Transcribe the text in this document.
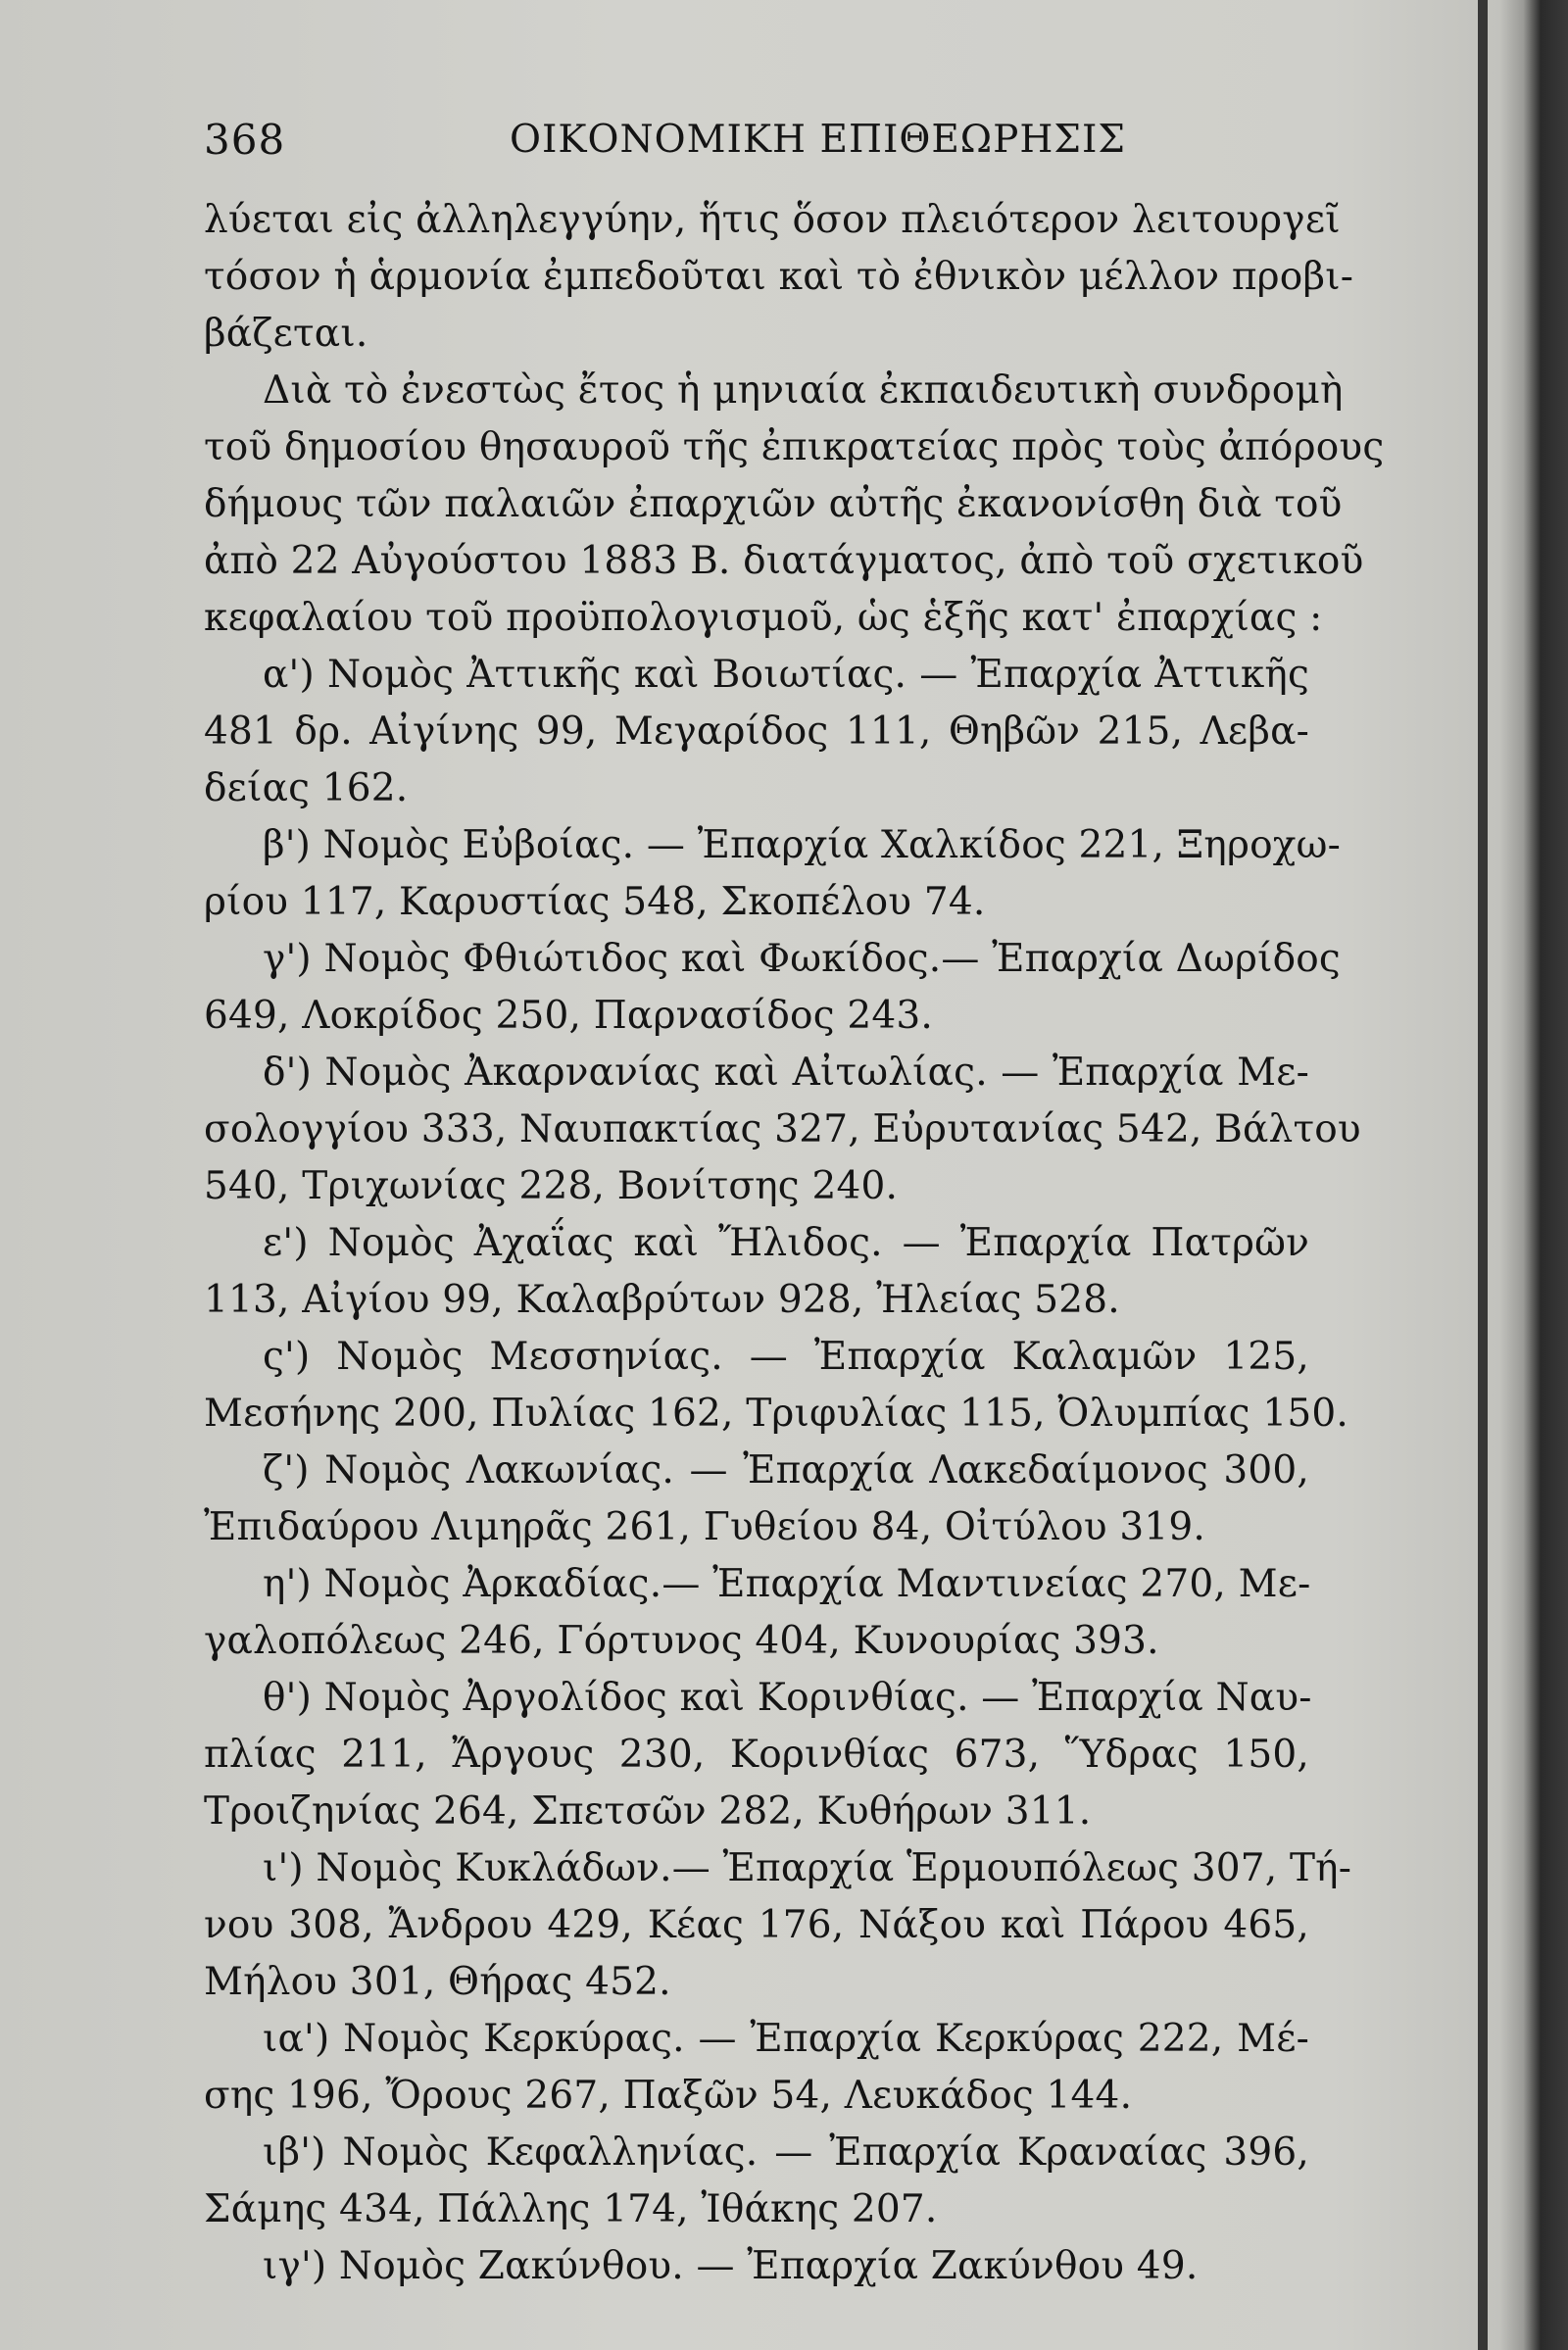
368	ΟΙΚΟΝΟΜΙΚΗ ΕΠΙΘΕΩΡΗΣΙΣ
λύεται εἰς ἀλληλεγγύην, ἥτις ὅσον πλειότερον λειτουργεῖ
τόσον ἡ ἁρμονία ἐμπεδοῦται καὶ τὸ ἐθνικὸν μέλλον προβι-
βάζεται.
Διὰ τὸ ἐνεστὼς ἔτος ἡ μηνιαία ἐκπαιδευτικὴ συνδρομὴ
τοῦ δημοσίου θησαυροῦ τῆς ἐπικρατείας πρὸς τοὺς ἀπόρους
δήμους τῶν παλαιῶν ἐπαρχιῶν αὐτῆς ἐκανονίσθη διὰ τοῦ
ἀπὸ 22 Αὐγούστου 1883 Β. διατάγματος, ἀπὸ τοῦ σχετικοῦ
κεφαλαίου τοῦ προϋπολογισμοῦ, ὡς ἑξῆς κατ' ἐπαρχίας :
α') Νομὸς Ἀττικῆς καὶ Βοιωτίας. — Ἐπαρχία Ἀττικῆς
481 δρ. Αἰγίνης 99, Μεγαρίδος 111, Θηβῶν 215, Λεβα-
δείας 162.
β') Νομὸς Εὐβοίας. — Ἐπαρχία Χαλκίδος 221, Ξηροχω-
ρίου 117, Καρυστίας 548, Σκοπέλου 74.
γ') Νομὸς Φθιώτιδος καὶ Φωκίδος.— Ἐπαρχία Δωρίδος
649, Λοκρίδος 250, Παρνασίδος 243.
δ') Νομὸς Ἀκαρνανίας καὶ Αἰτωλίας. — Ἐπαρχία Με-
σολογγίου 333, Ναυπακτίας 327, Εὐρυτανίας 542, Βάλτου
540, Τριχωνίας 228, Βονίτσης 240.
ε') Νομὸς Ἀχαΐας καὶ Ἤλιδος. — Ἐπαρχία Πατρῶν
113, Αἰγίου 99, Καλαβρύτων 928, Ἠλείας 528.
ς') Νομὸς Μεσσηνίας. — Ἐπαρχία Καλαμῶν 125,
Μεσήνης 200, Πυλίας 162, Τριφυλίας 115, Ὀλυμπίας 150.
ζ') Νομὸς Λακωνίας. — Ἐπαρχία Λακεδαίμονος 300,
Ἐπιδαύρου Λιμηρᾶς 261, Γυθείου 84, Οἰτύλου 319.
η') Νομὸς Ἀρκαδίας.— Ἐπαρχία Μαντινείας 270, Με-
γαλοπόλεως 246, Γόρτυνος 404, Κυνουρίας 393.
θ') Νομὸς Ἀργολίδος καὶ Κορινθίας. — Ἐπαρχία Ναυ-
πλίας 211, Ἄργους 230, Κορινθίας 673, Ὕδρας 150,
Τροιζηνίας 264, Σπετσῶν 282, Κυθήρων 311.
ι') Νομὸς Κυκλάδων.— Ἐπαρχία Ἑρμουπόλεως 307, Τή-
νου 308, Ἄνδρου 429, Κέας 176, Νάξου καὶ Πάρου 465,
Μήλου 301, Θήρας 452.
ια') Νομὸς Κερκύρας. — Ἐπαρχία Κερκύρας 222, Μέ-
σης 196, Ὄρους 267, Παξῶν 54, Λευκάδος 144.
ιβ') Νομὸς Κεφαλληνίας. — Ἐπαρχία Κραναίας 396,
Σάμης 434, Πάλλης 174, Ἰθάκης 207.
ιγ') Νομὸς Ζακύνθου. — Ἐπαρχία Ζακύνθου 49.
